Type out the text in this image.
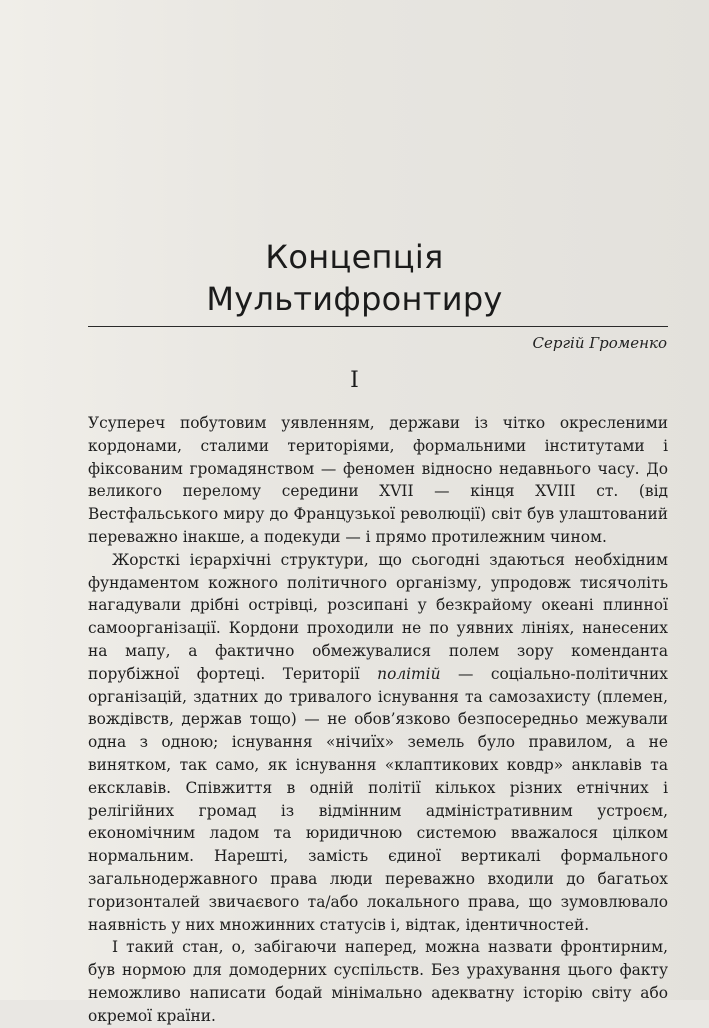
Концепція
Мультифронтиру
Сергій Громенко
I

Усупереч побутовим уявленням, держави із чітко окресленими кордонами, сталими територіями, формальними інститутами і фіксованим громадянством — феномен відносно недавнього часу. До великого перелому середини XVII — кінця XVIII ст. (від Вестфальського миру до Французької революції) світ був улаштований переважно інакше, а подекуди — і прямо протилежним чином.

Жорсткі ієрархічні структури, що сьогодні здаються необхідним фундаментом кожного політичного організму, упродовж тисячоліть нагадували дрібні острівці, розсипані у безкрайому океані плинної самоорганізації. Кордони проходили не по уявних лініях, нанесених на мапу, а фактично обмежувалися полем зору коменданта порубіжної фортеці. Території політій — соціально-політичних організацій, здатних до тривалого існування та самозахисту (племен, вождівств, держав тощо) — не обов’язково безпосередньо межували одна з одною; існування «нічиїх» земель було правилом, а не винятком, так само, як існування «клаптикових ковдр» анклавів та ексклавів. Співжиття в одній політії кількох різних етнічних і релігійних громад із відмінним адміністративним устроєм, економічним ладом та юридичною системою вважалося цілком нормальним. Нарешті, замість єдиної вертикалі формального загальнодержавного права люди переважно входили до багатьох горизонталей звичаєвого та/або локального права, що зумовлювало наявність у них множинних статусів і, відтак, ідентичностей.

І такий стан, о, забігаючи наперед, можна назвати фронтирним, був нормою для домодерних суспільств. Без урахування цього факту неможливо написати бодай мінімально адекватну історію світу або окремої країни.
